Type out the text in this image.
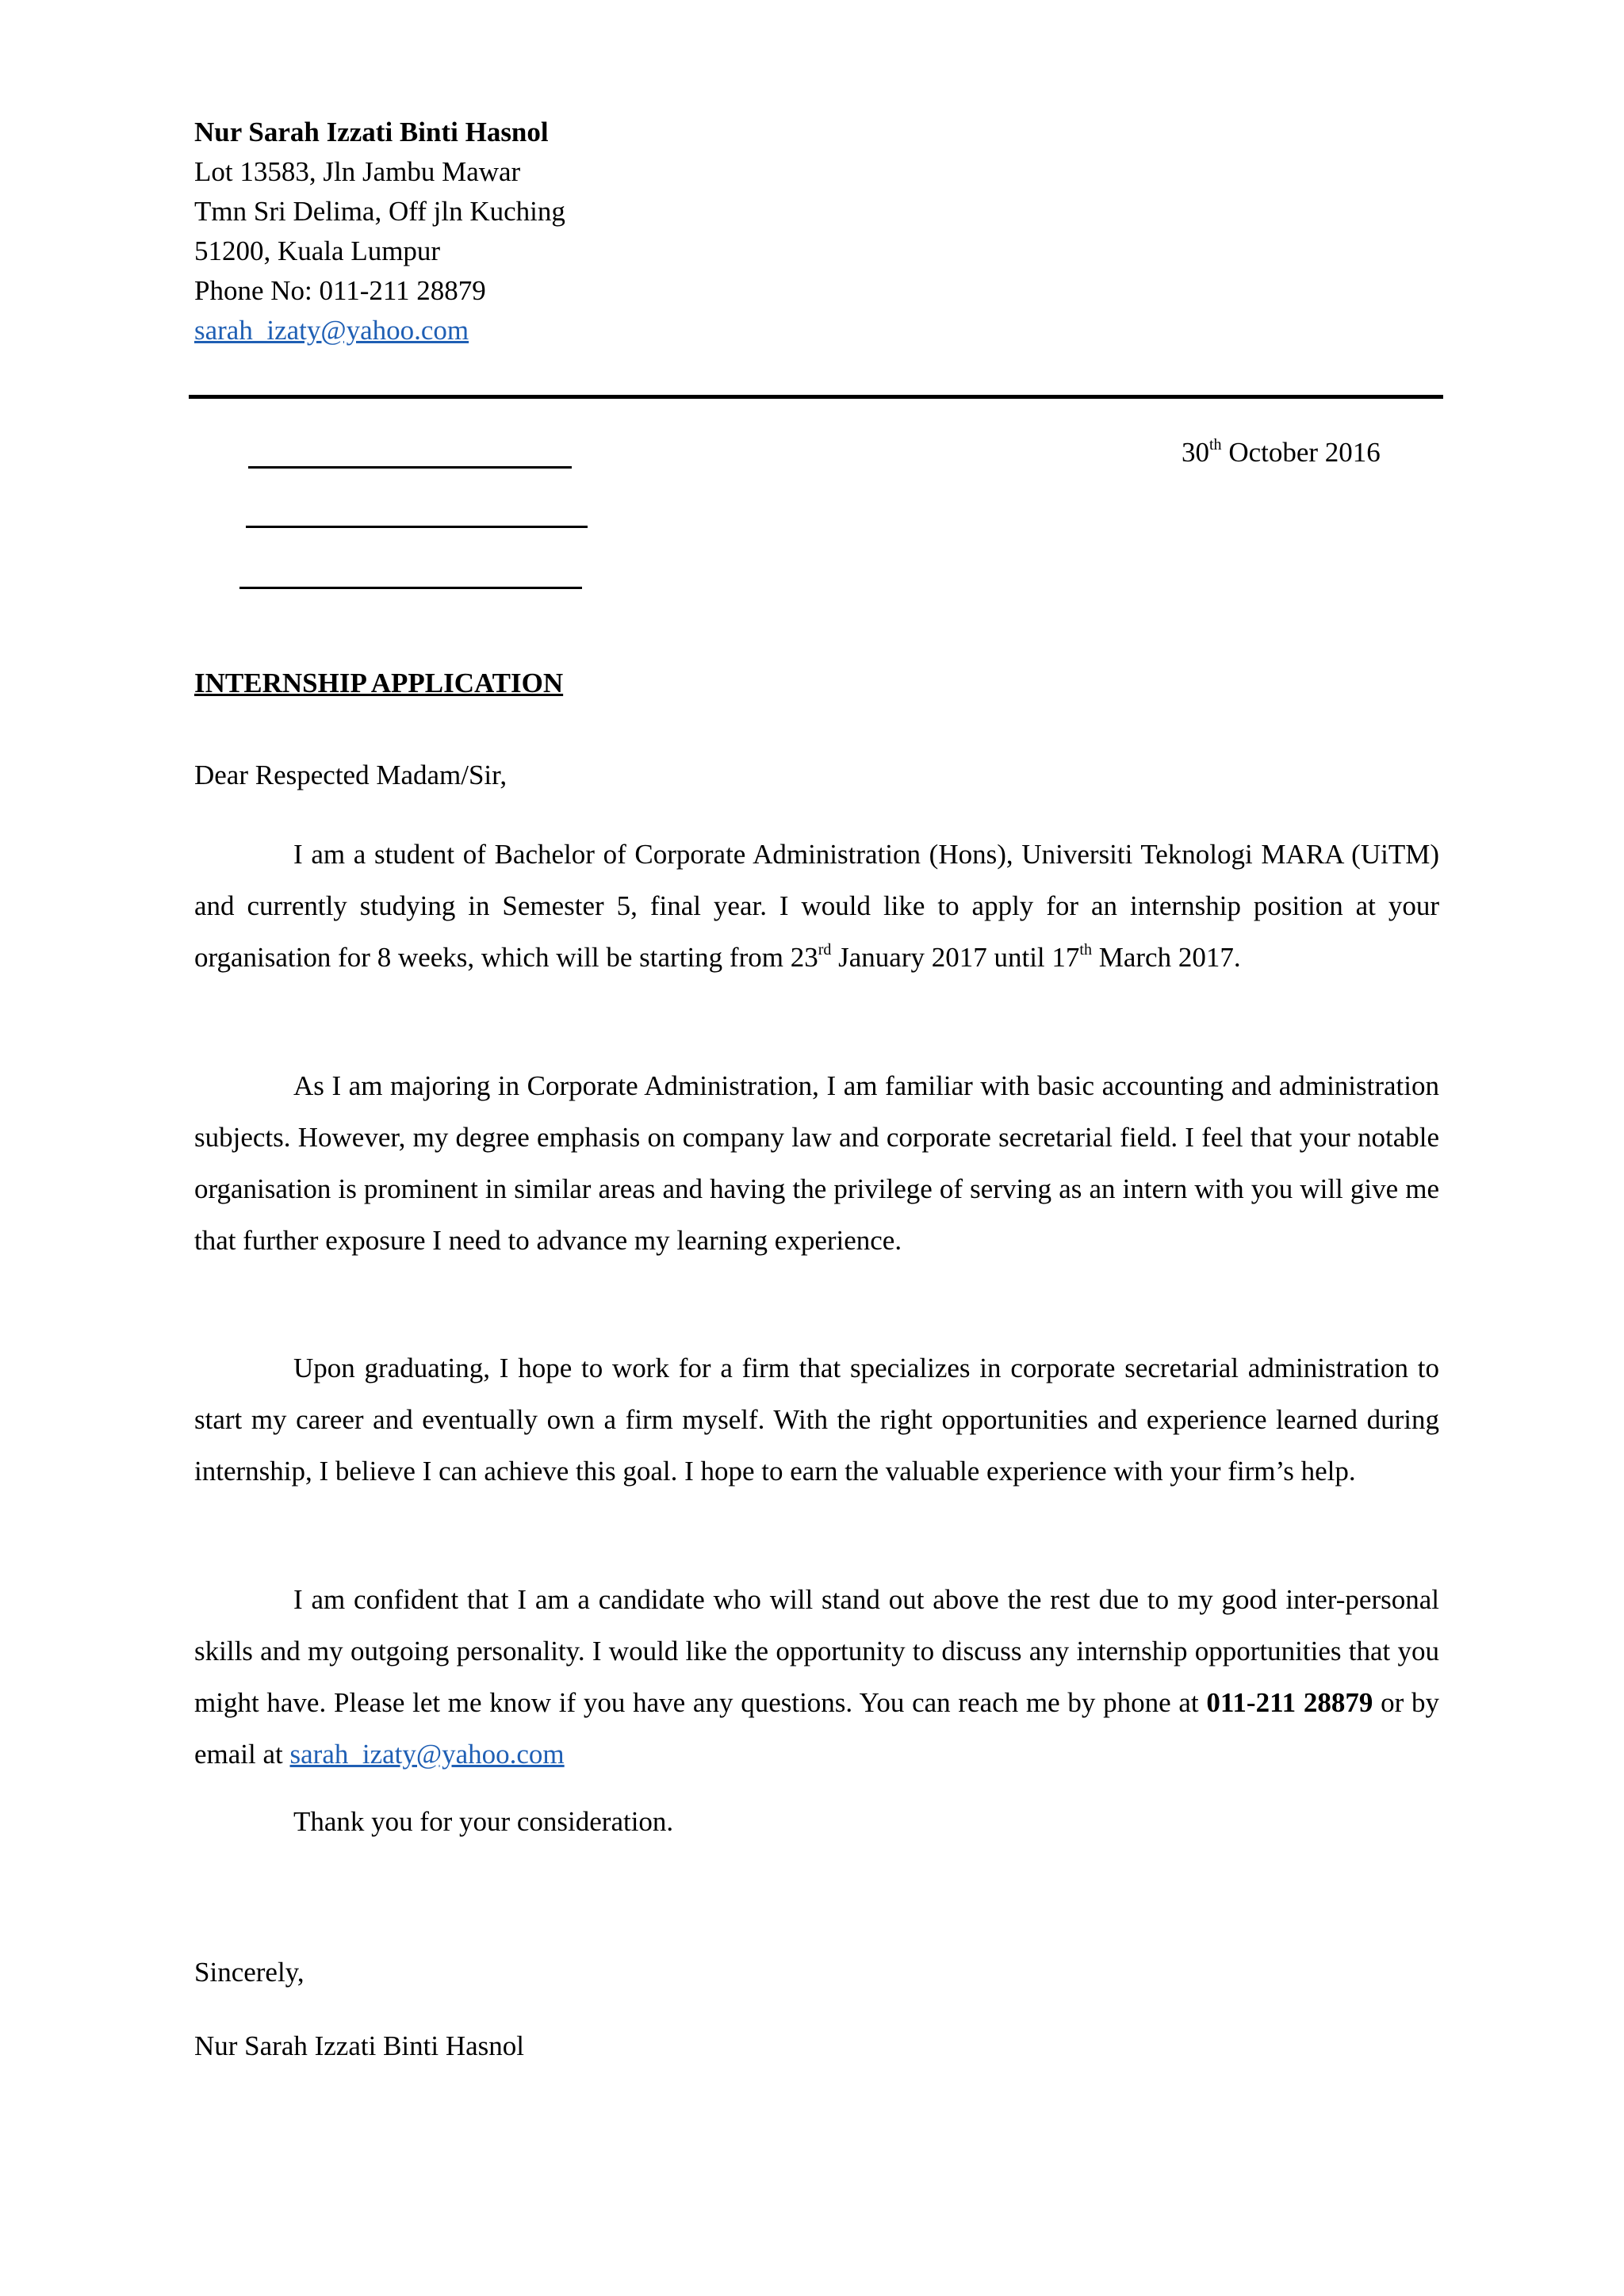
Nur Sarah Izzati Binti Hasnol
Lot 13583, Jln Jambu Mawar
Tmn Sri Delima, Off jln Kuching
51200, Kuala Lumpur
Phone No: 011-211 28879
sarah_izaty@yahoo.com
30th October 2016
INTERNSHIP APPLICATION
Dear Respected Madam/Sir,

I am a student of Bachelor of Corporate Administration (Hons), Universiti Teknologi MARA (UiTM) and currently studying in Semester 5, final year. I would like to apply for an internship position at your organisation for 8 weeks, which will be starting from 23rd January 2017 until 17th March 2017.

As I am majoring in Corporate Administration, I am familiar with basic accounting and administration subjects. However, my degree emphasis on company law and corporate secretarial field. I feel that your notable organisation is prominent in similar areas and having the privilege of serving as an intern with you will give me that further exposure I need to advance my learning experience.

Upon graduating, I hope to work for a firm that specializes in corporate secretarial administration to start my career and eventually own a firm myself. With the right opportunities and experience learned during internship, I believe I can achieve this goal. I hope to earn the valuable experience with your firm’s help.

I am confident that I am a candidate who will stand out above the rest due to my good inter-personal skills and my outgoing personality. I would like the opportunity to discuss any internship opportunities that you might have. Please let me know if you have any questions. You can reach me by phone at 011-211 28879 or by email at sarah_izaty@yahoo.com

Thank you for your consideration.
Sincerely,
Nur Sarah Izzati Binti Hasnol
